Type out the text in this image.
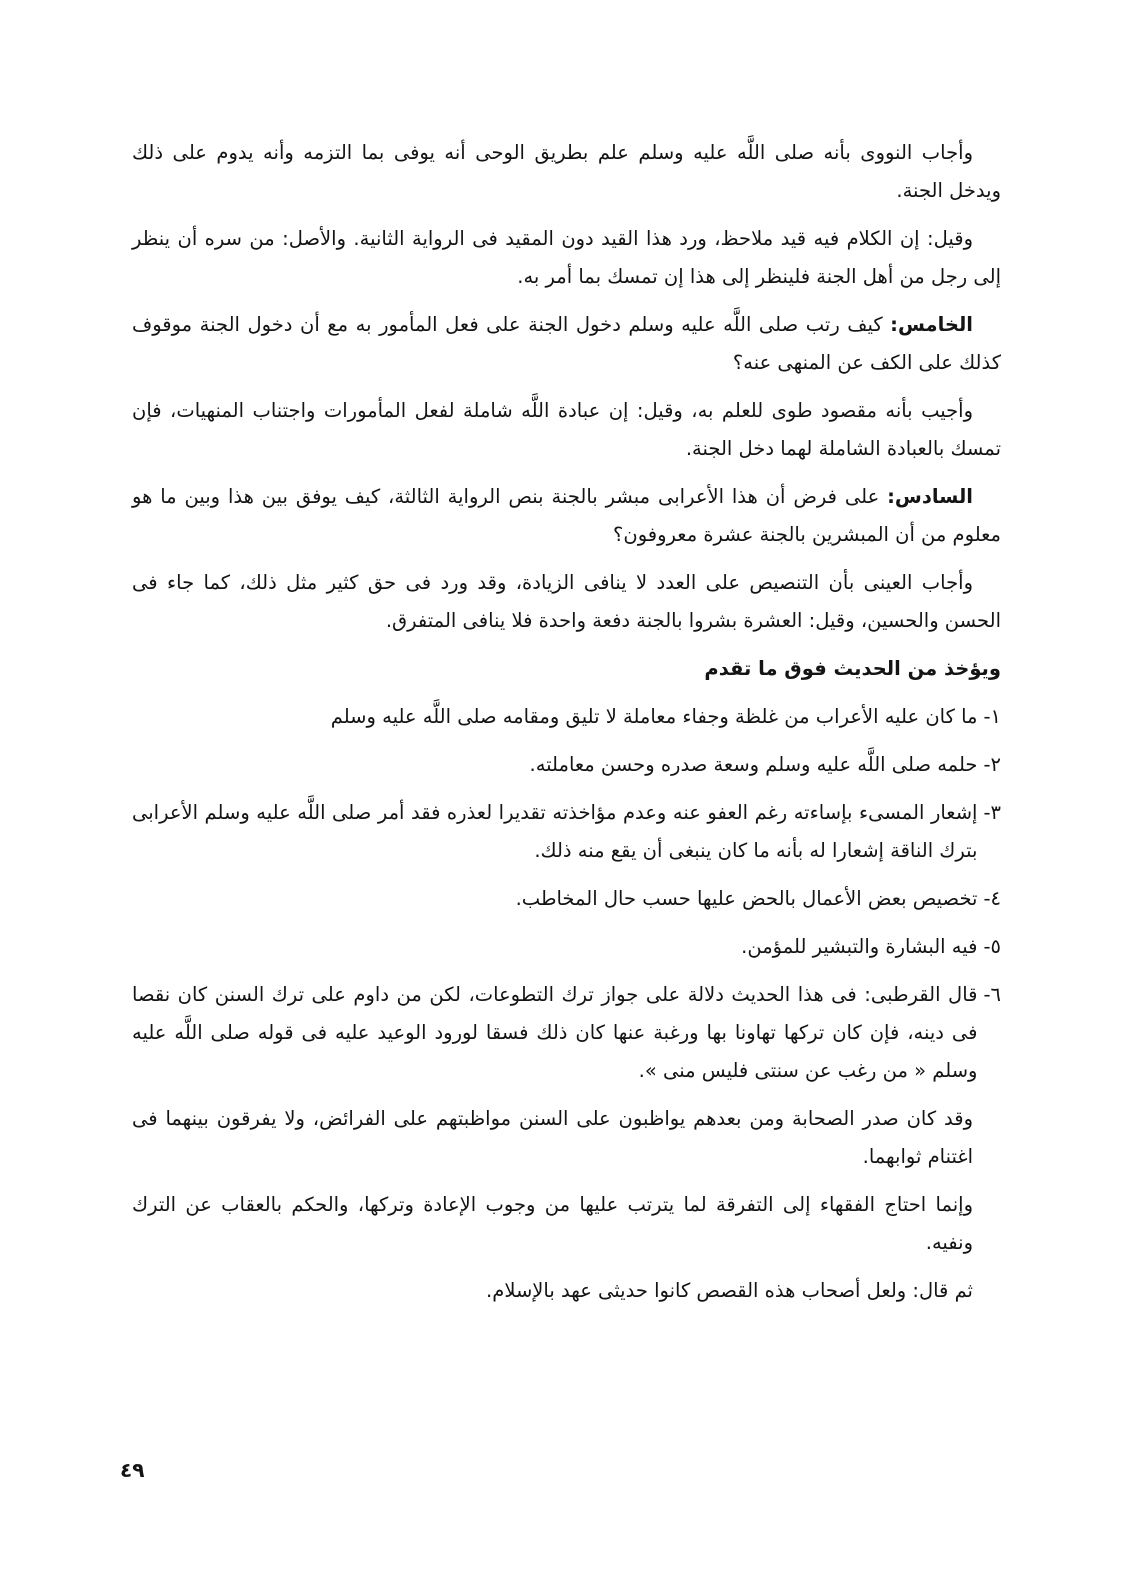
وأجاب النووى بأنه صلى اللَّه عليه وسلم علم بطريق الوحى أنه يوفى بما التزمه وأنه يدوم على ذلك ويدخل الجنة.

وقيل: إن الكلام فيه قيد ملاحظ، ورد هذا القيد دون المقيد فى الرواية الثانية. والأصل: من سره أن ينظر إلى رجل من أهل الجنة فلينظر إلى هذا إن تمسك بما أمر به.

الخامس: كيف رتب صلى اللَّه عليه وسلم دخول الجنة على فعل المأمور به مع أن دخول الجنة موقوف كذلك على الكف عن المنهى عنه؟

وأجيب بأنه مقصود طوى للعلم به، وقيل: إن عبادة اللَّه شاملة لفعل المأمورات واجتناب المنهيات، فإن تمسك بالعبادة الشاملة لهما دخل الجنة.

السادس: على فرض أن هذا الأعرابى مبشر بالجنة بنص الرواية الثالثة، كيف يوفق بين هذا وبين ما هو معلوم من أن المبشرين بالجنة عشرة معروفون؟

وأجاب العينى بأن التنصيص على العدد لا ينافى الزيادة، وقد ورد فى حق كثير مثل ذلك، كما جاء فى الحسن والحسين، وقيل: العشرة بشروا بالجنة دفعة واحدة فلا ينافى المتفرق.

ويؤخذ من الحديث فوق ما تقدم

١-
ما كان عليه الأعراب من غلظة وجفاء معاملة لا تليق ومقامه صلى اللَّه عليه وسلم
٢-
حلمه صلى اللَّه عليه وسلم وسعة صدره وحسن معاملته.
٣-
إشعار المسىء بإساءته رغم العفو عنه وعدم مؤاخذته تقديرا لعذره فقد أمر صلى اللَّه عليه وسلم الأعرابى بترك الناقة إشعارا له بأنه ما كان ينبغى أن يقع منه ذلك.
٤-
تخصيص بعض الأعمال بالحض عليها حسب حال المخاطب.
٥-
فيه البشارة والتبشير للمؤمن.
٦-
قال القرطبى: فى هذا الحديث دلالة على جواز ترك التطوعات، لكن من داوم على ترك السنن كان نقصا فى دينه، فإن كان تركها تهاونا بها ورغبة عنها كان ذلك فسقا لورود الوعيد عليه فى قوله صلى اللَّه عليه وسلم « من رغب عن سنتى فليس منى ».

وقد كان صدر الصحابة ومن بعدهم يواظبون على السنن مواظبتهم على الفرائض، ولا يفرقون بينهما فى اغتنام ثوابهما.

وإنما احتاج الفقهاء إلى التفرقة لما يترتب عليها من وجوب الإعادة وتركها، والحكم بالعقاب عن الترك ونفيه.

ثم قال: ولعل أصحاب هذه القصص كانوا حديثى عهد بالإسلام.

٤٩
